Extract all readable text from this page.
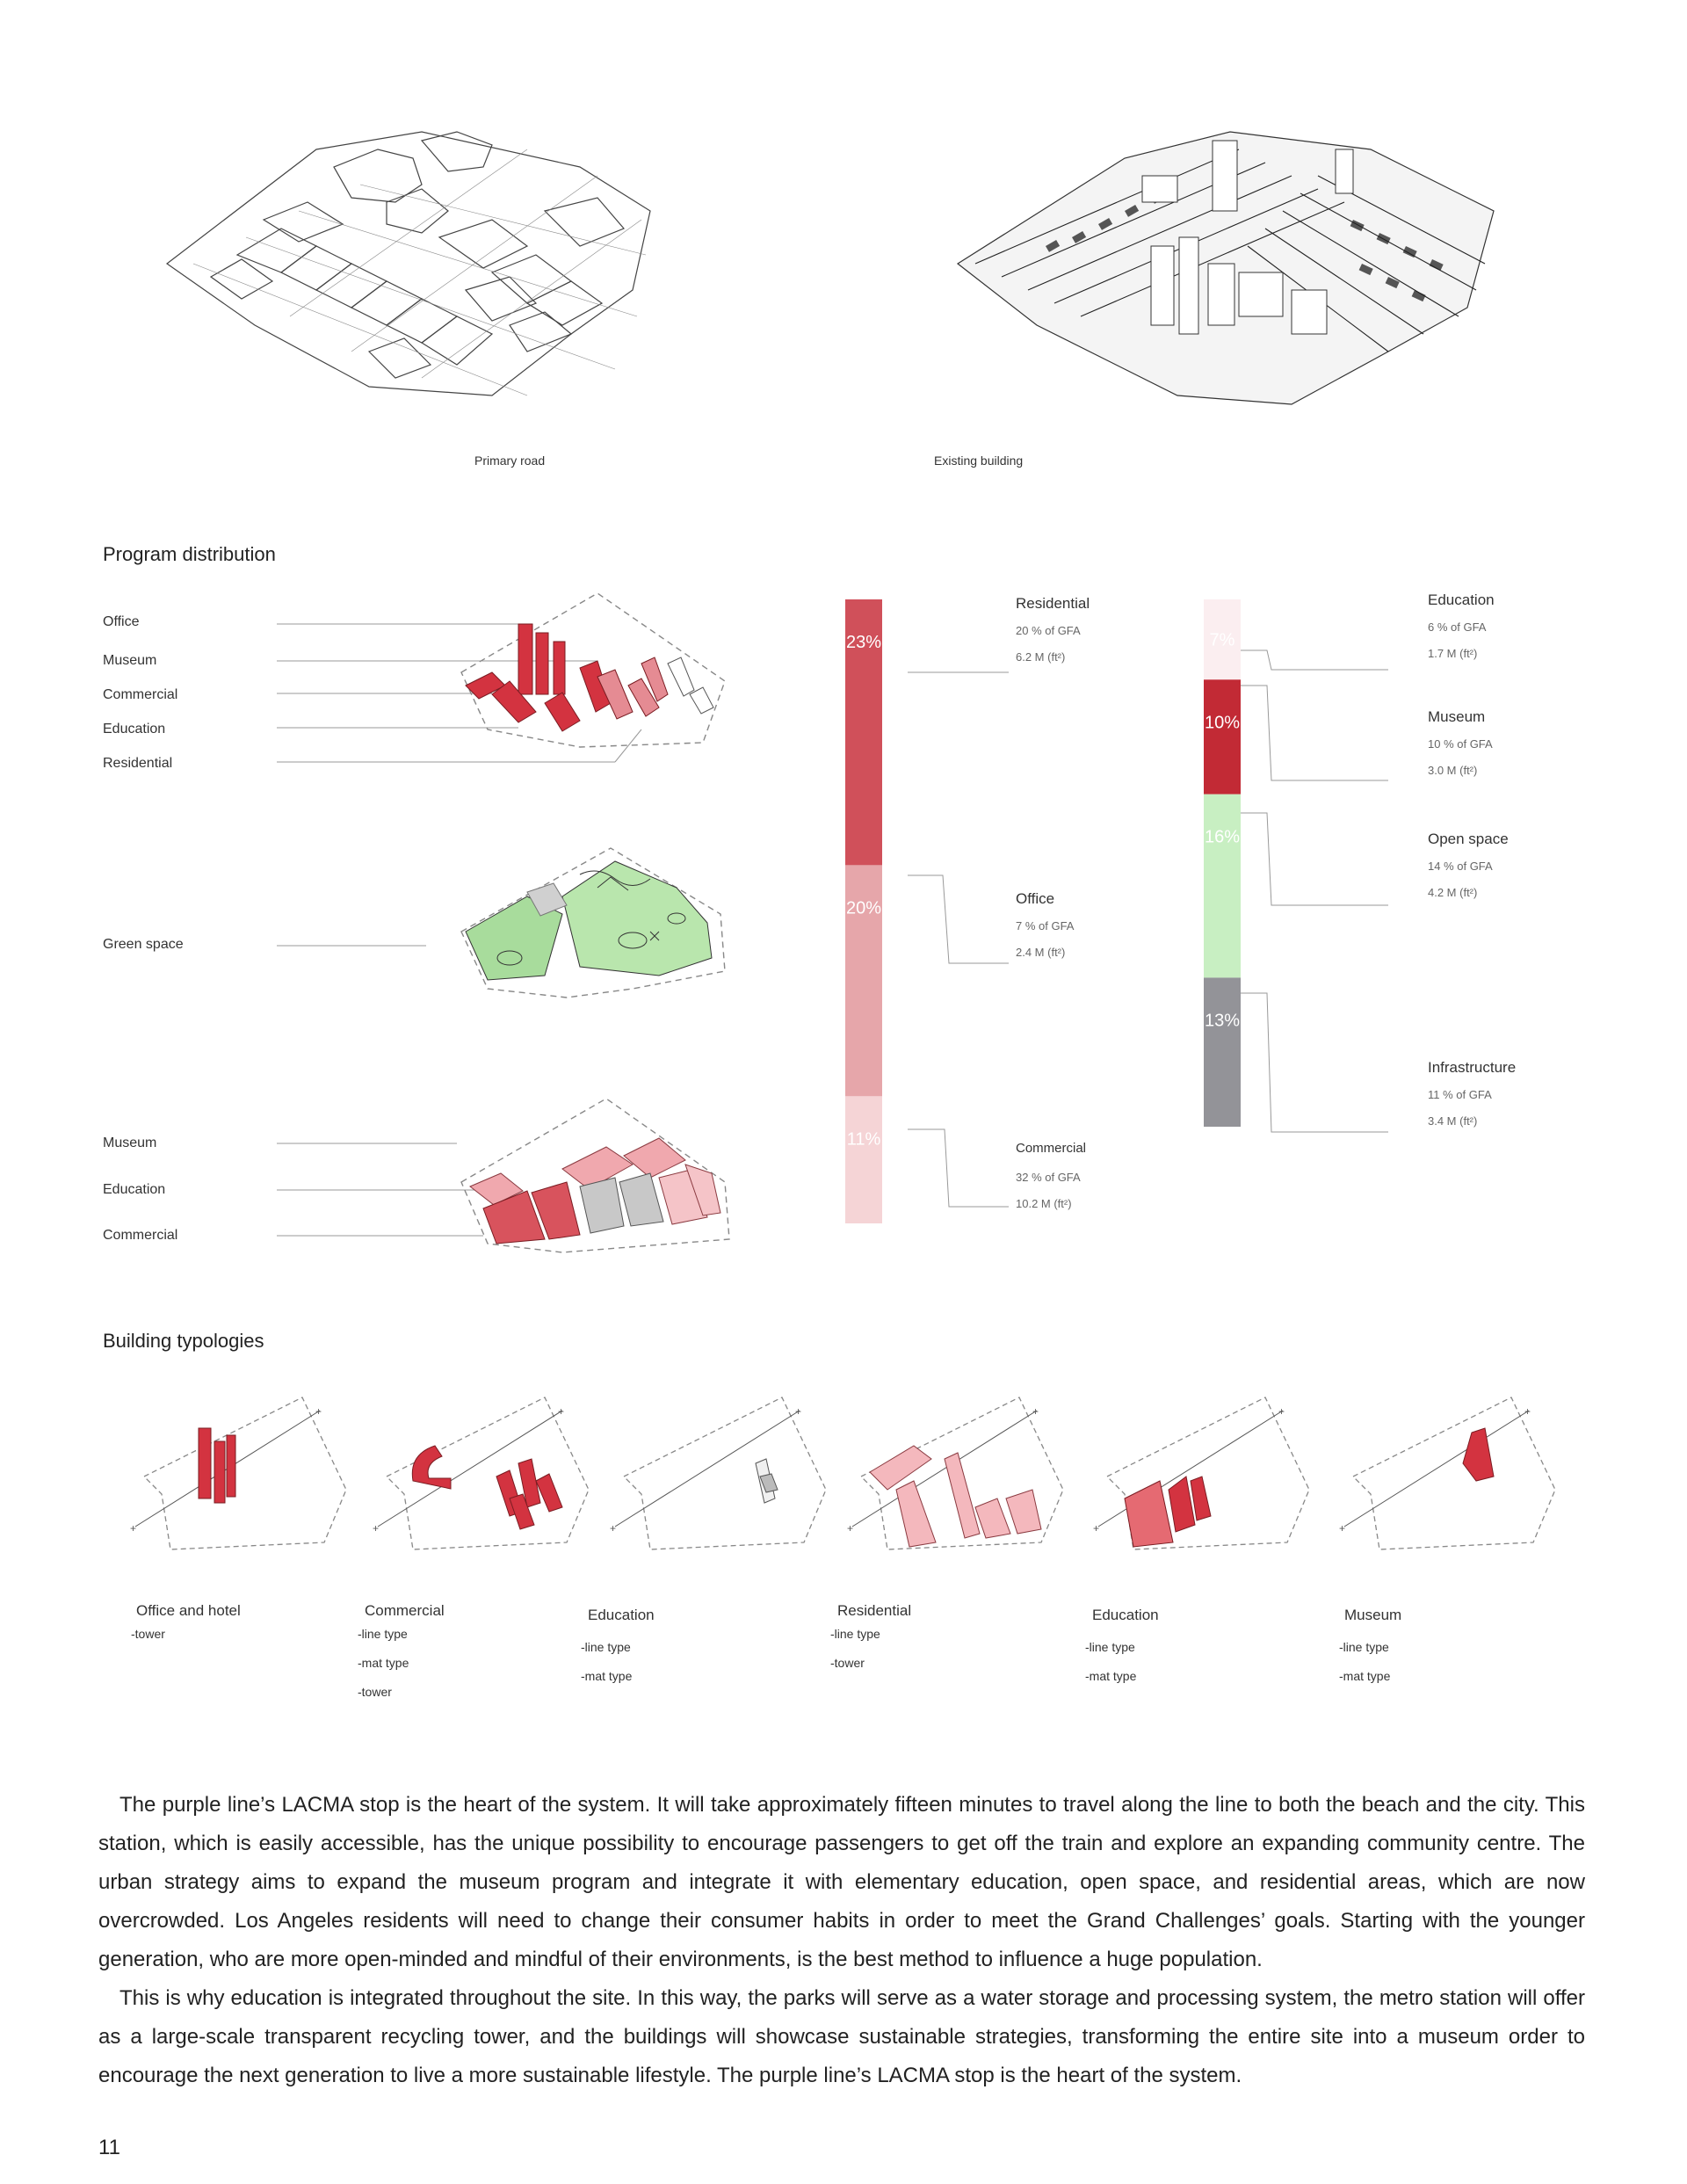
Primary road	Existing building
Program distribution
Office
Museum
Commercial
Education
Residential
Green space
Museum
Education
Commercial
23%
20%
11%
Residential
20 % of GFA
6.2 M (ft²)
Office
7 % of GFA
2.4 M (ft²)
Commercial
32 % of GFA
10.2 M (ft²)
7%
10%
16%
13%
Education
6 % of GFA
1.7 M (ft²)
Museum
10 % of GFA
3.0 M (ft²)
Open space
14 % of GFA
4.2 M (ft²)
Infrastructure
11 % of GFA
3.4 M (ft²)
Building typologies
+
+
Office and hotel
-tower
Commercial
-line type
-mat type
-tower
Education
-line type
-mat type
Residential
-line type
-tower
Education
-line type
-mat type
Museum
-line type
-mat type

The purple line’s LACMA stop is the heart of the system. It will take approximately fifteen minutes to travel along the line to both the beach and the city. This station, which is easily accessible, has the unique possibility to encourage passengers to get off the train and explore an expanding community centre. The urban strategy aims to expand the museum program and integrate it with elementary education, open space, and residential areas, which are now overcrowded. Los Angeles residents will need to change their consumer habits in order to meet the Grand Challenges’ goals. Starting with the younger generation, who are more open-minded and mindful of their environments, is the best method to influence a huge population.

This is why education is integrated throughout the site. In this way, the parks will serve as a water storage and processing system, the metro station will offer as a large-scale transparent recycling tower, and the buildings will showcase sustainable strategies, transforming the entire site into a museum order to encourage the next generation to live a more sustainable lifestyle. The purple line’s LACMA stop is the heart of the system.

11
